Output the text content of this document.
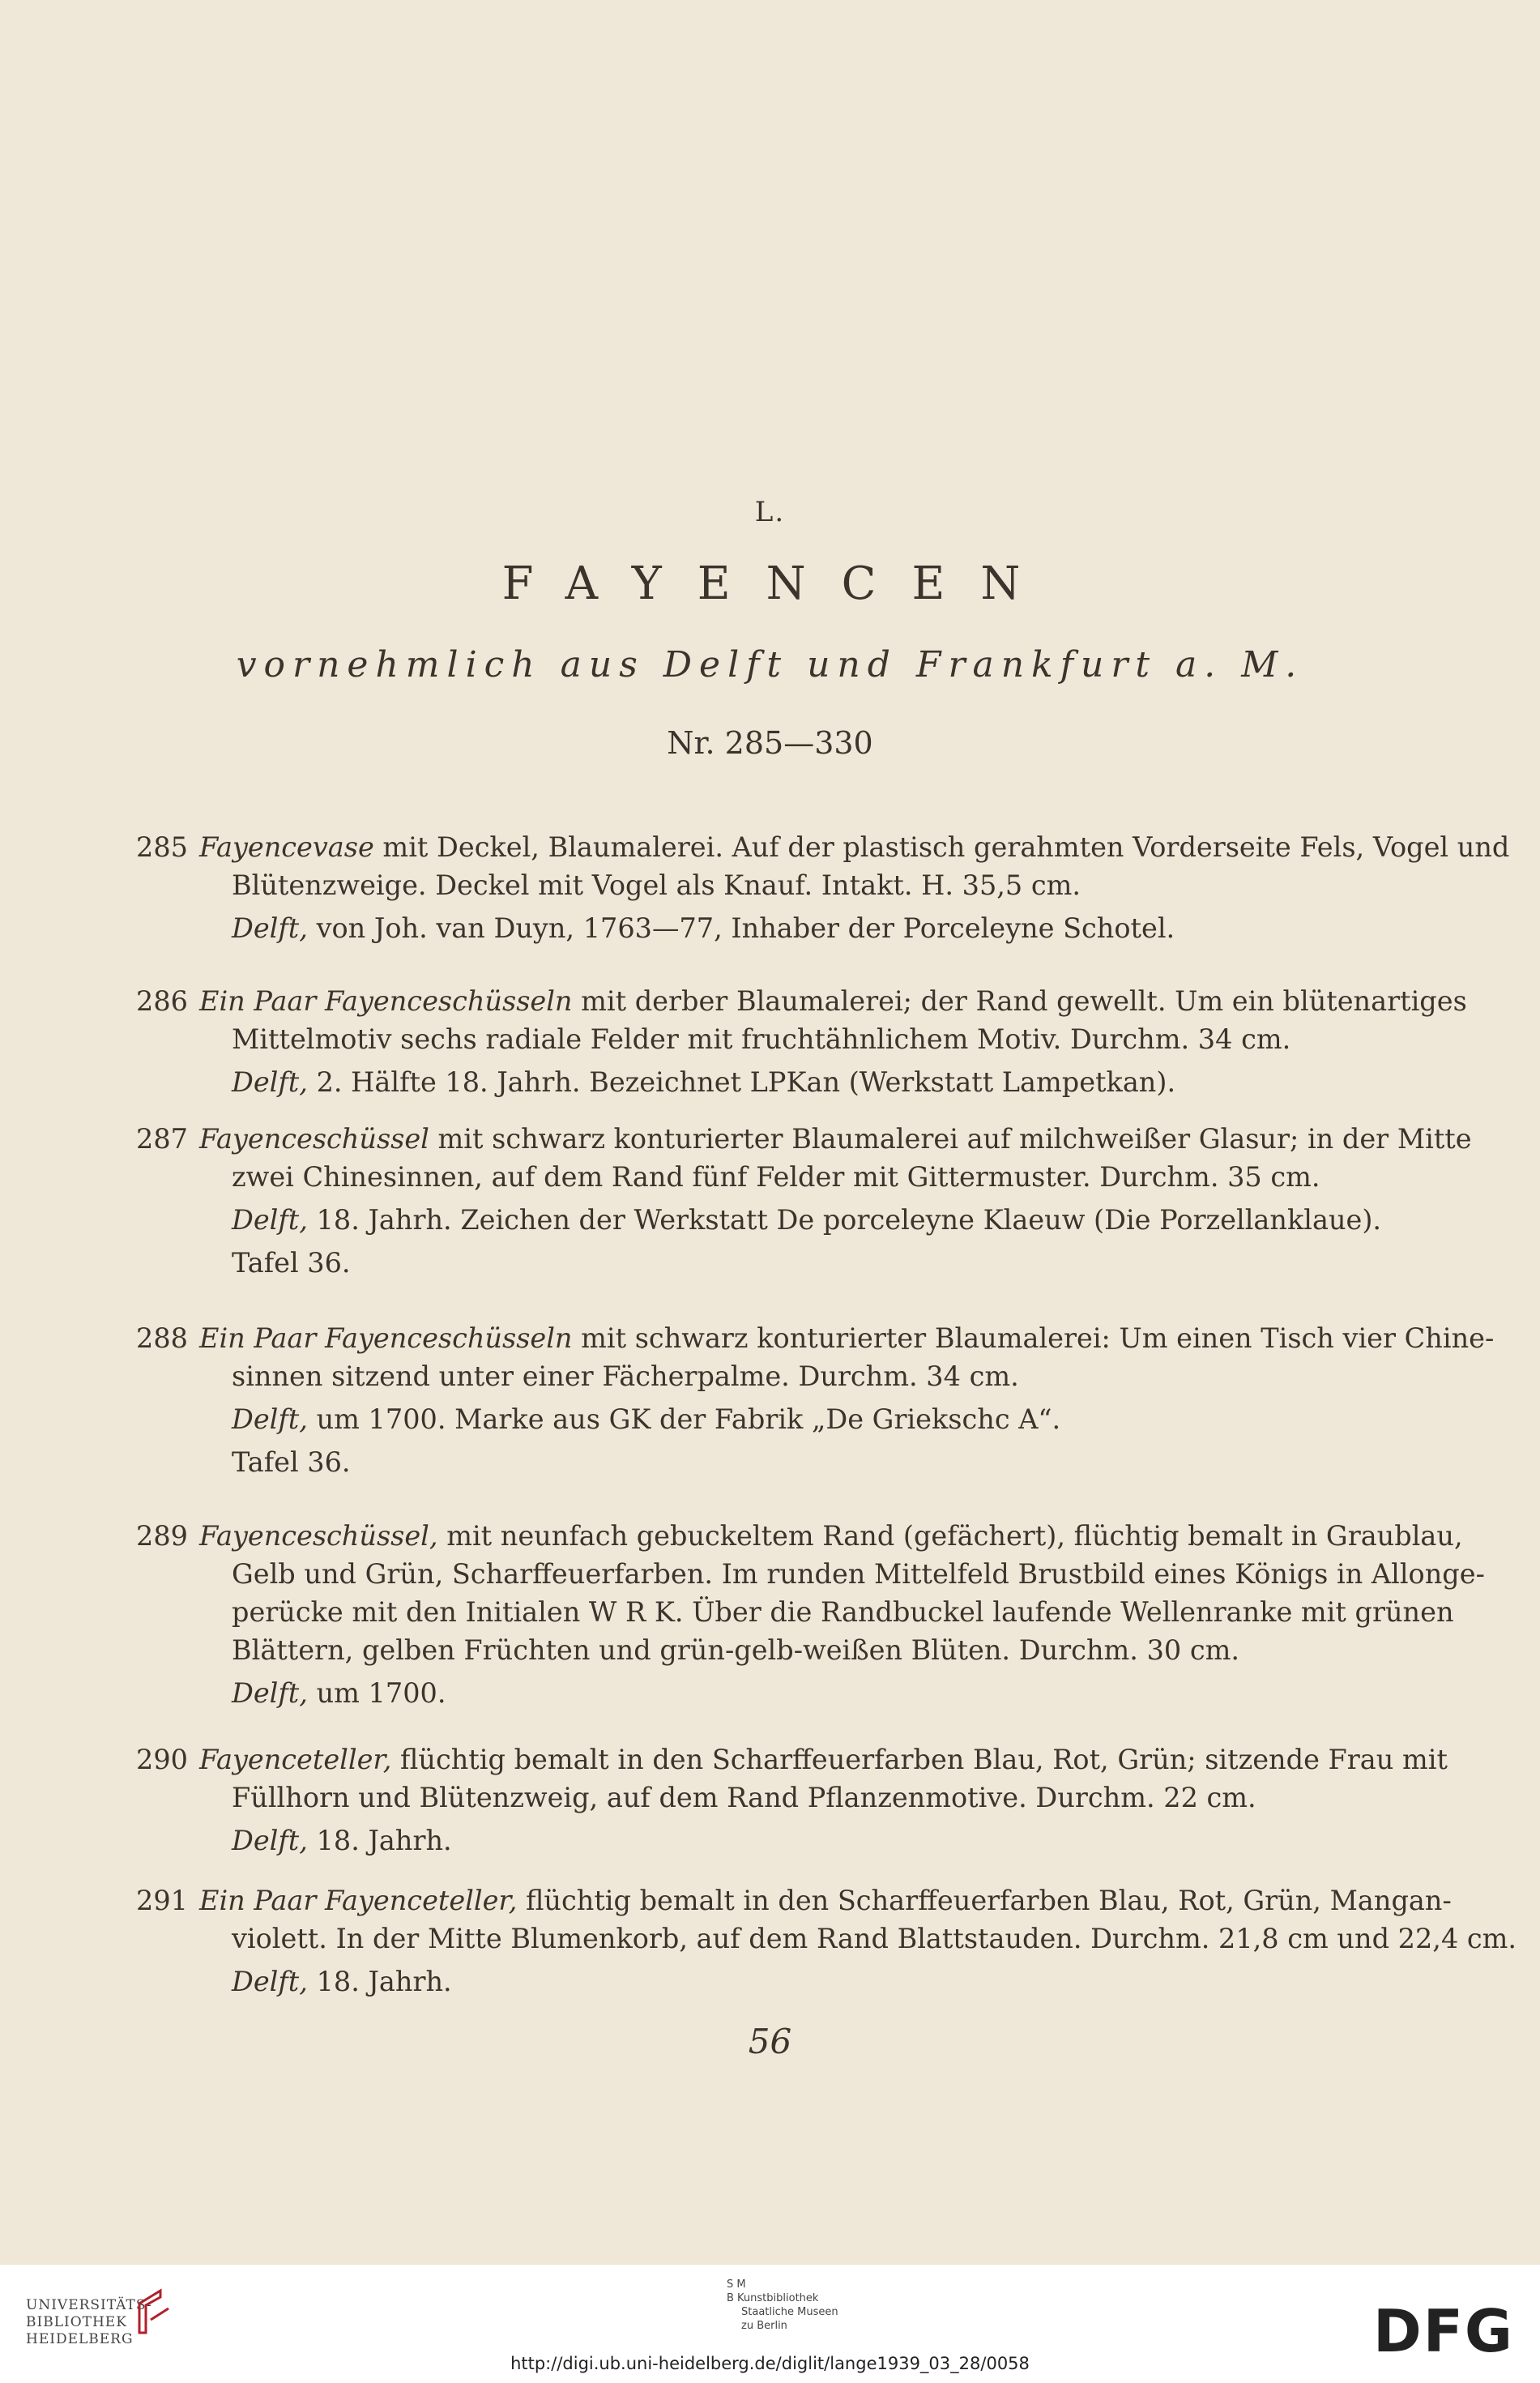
L.
FAYENCEN
vornehmlich aus Delft und Frankfurt a. M.
Nr. 285—330
285 Fayencevase mit Deckel, Blaumalerei. Auf der plastisch gerahmten Vorderseite Fels, Vogel und
Blütenzweige. Deckel mit Vogel als Knauf. Intakt. H. 35,5 cm.
Delft, von Joh. van Duyn, 1763—77, Inhaber der Porceleyne Schotel.
286 Ein Paar Fayenceschüsseln mit derber Blaumalerei; der Rand gewellt. Um ein blütenartiges
Mittelmotiv sechs radiale Felder mit fruchtähnlichem Motiv. Durchm. 34 cm.
Delft, 2. Hälfte 18. Jahrh. Bezeichnet LPKan (Werkstatt Lampetkan).
287 Fayenceschüssel mit schwarz konturierter Blaumalerei auf milchweißer Glasur; in der Mitte
zwei Chinesinnen, auf dem Rand fünf Felder mit Gittermuster. Durchm. 35 cm.
Delft, 18. Jahrh. Zeichen der Werkstatt De porceleyne Klaeuw (Die Porzellanklaue).
Tafel 36.
288 Ein Paar Fayenceschüsseln mit schwarz konturierter Blaumalerei: Um einen Tisch vier Chine-
sinnen sitzend unter einer Fächerpalme. Durchm. 34 cm.
Delft, um 1700. Marke aus GK der Fabrik „De Griekschc A“.
Tafel 36.
289 Fayenceschüssel, mit neunfach gebuckeltem Rand (gefächert), flüchtig bemalt in Graublau,
Gelb und Grün, Scharffeuerfarben. Im runden Mittelfeld Brustbild eines Königs in Allonge-
perücke mit den Initialen W R K. Über die Randbuckel laufende Wellenranke mit grünen
Blättern, gelben Früchten und grün-gelb-weißen Blüten. Durchm. 30 cm.
Delft, um 1700.
290 Fayenceteller, flüchtig bemalt in den Scharffeuerfarben Blau, Rot, Grün; sitzende Frau mit
Füllhorn und Blütenzweig, auf dem Rand Pflanzenmotive. Durchm. 22 cm.
Delft, 18. Jahrh.
291 Ein Paar Fayenceteller, flüchtig bemalt in den Scharffeuerfarben Blau, Rot, Grün, Mangan-
violett. In der Mitte Blumenkorb, auf dem Rand Blattstauden. Durchm. 21,8 cm und 22,4 cm.
Delft, 18. Jahrh.
56
UNIVERSITÄTS-
BIBLIOTHEK
HEIDELBERG
S M
B Kunstbibliothek
Staatliche Museen
zu Berlin	DFG
http://digi.ub.uni-heidelberg.de/diglit/lange1939_03_28/0058
